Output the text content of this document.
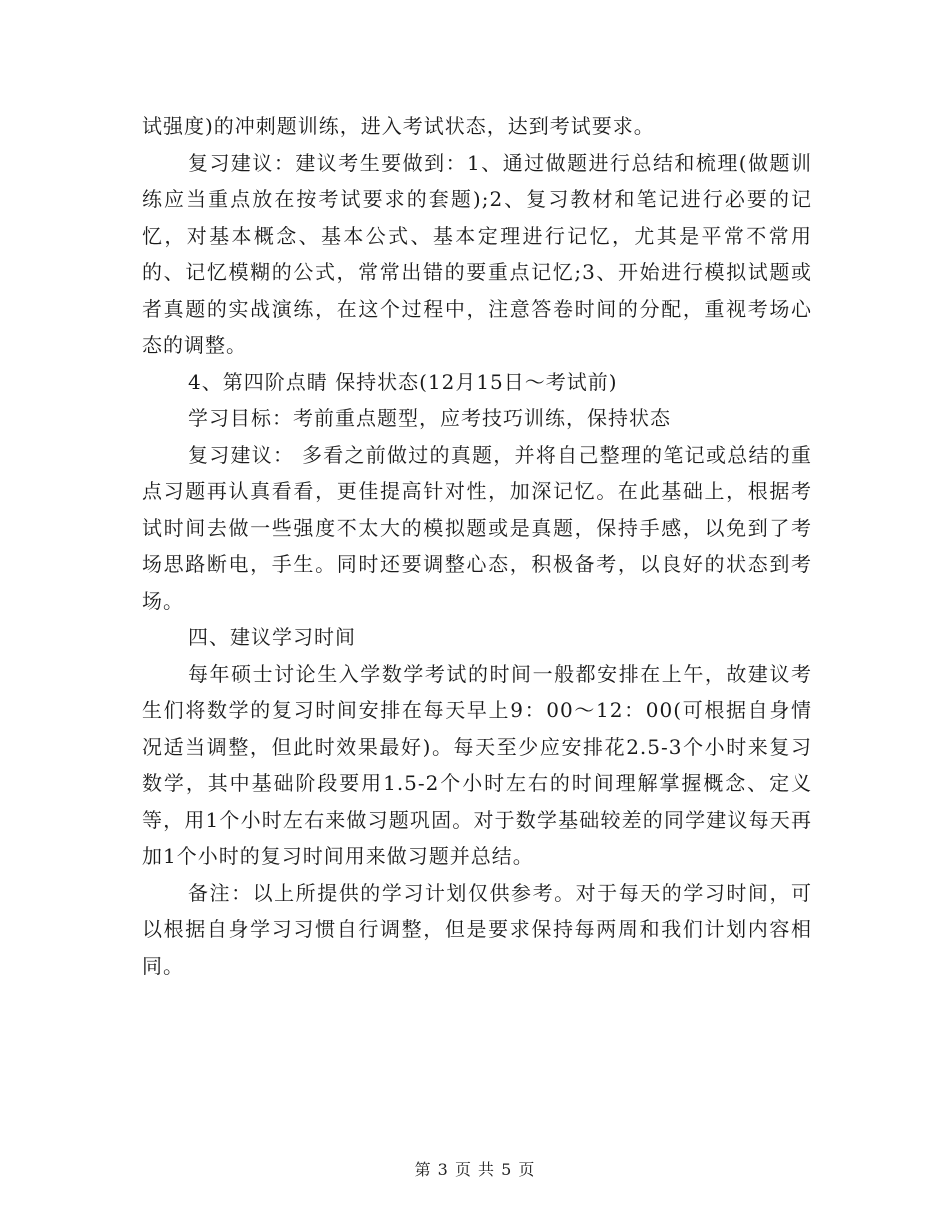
试强度)的冲刺题训练，进入考试状态，达到考试要求。

复习建议：建议考生要做到：1、通过做题进行总结和梳理(做题训练应当重点放在按考试要求的套题);2、复习教材和笔记进行必要的记忆，对基本概念、基本公式、基本定理进行记忆，尤其是平常不常用的、记忆模糊的公式，常常出错的要重点记忆;3、开始进行模拟试题或者真题的实战演练，在这个过程中，注意答卷时间的分配，重视考场心态的调整。

4、第四阶点睛 保持状态(12月15日～考试前)

学习目标：考前重点题型，应考技巧训练，保持状态

复习建议： 多看之前做过的真题，并将自己整理的笔记或总结的重点习题再认真看看，更佳提高针对性，加深记忆。在此基础上，根据考试时间去做一些强度不太大的模拟题或是真题，保持手感，以免到了考场思路断电，手生。同时还要调整心态，积极备考，以良好的状态到考场。

四、建议学习时间

每年硕士讨论生入学数学考试的时间一般都安排在上午，故建议考生们将数学的复习时间安排在每天早上9：00～12：00(可根据自身情况适当调整，但此时效果最好)。每天至少应安排花2.5-3个小时来复习数学，其中基础阶段要用1.5-2个小时左右的时间理解掌握概念、定义等，用1个小时左右来做习题巩固。对于数学基础较差的同学建议每天再加1个小时的复习时间用来做习题并总结。

备注：以上所提供的学习计划仅供参考。对于每天的学习时间，可以根据自身学习习惯自行调整，但是要求保持每两周和我们计划内容相同。

第 3 页 共 5 页
